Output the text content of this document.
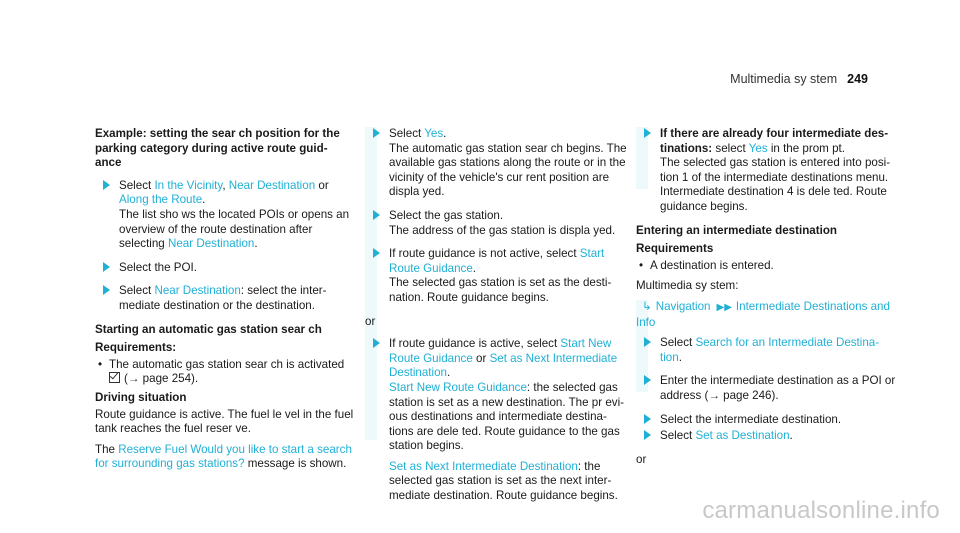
Multimedia sy stem 249
Example: setting the sear ch position for the parking category during active route guid‐ ance
Select In the Vicinity, Near Destination or Along the Route.
The list sho ws the located POIs or opens an overview of the route destination after selecting Near Destination.
Select the POI.
Select Near Destination: select the inter‐ mediate destination or the destination.
Starting an automatic gas station sear ch
Requirements:
• The automatic gas station sear ch is activated
(→ page 254).
Driving situation
Route guidance is active. The fuel le vel in the fuel tank reaches the fuel reser ve.
The Reserve Fuel Would you like to start a search for surrounding gas stations? message is shown.
Select Yes.
The automatic gas station sear ch begins. The available gas stations along the route or in the vicinity of the vehicle's cur rent position are displa yed.
Select the gas station.
The address of the gas station is displa yed.
If route guidance is not active, select Start Route Guidance.
The selected gas station is set as the desti‐ nation. Route guidance begins.
or
If route guidance is active, select Start New Route Guidance or Set as Next Intermediate Destination.
Start New Route Guidance: the selected gas station is set as a new destination. The pr evi‐ ous destinations and intermediate destina‐ tions are dele ted. Route guidance to the gas station begins.
Set as Next Intermediate Destination: the selected gas station is set as the next inter‐ mediate destination. Route guidance begins.
If there are already four intermediate des‐ tinations: select Yes in the prom pt.
The selected gas station is entered into posi‐ tion 1 of the intermediate destinations menu. Intermediate destination 4 is dele ted. Route guidance begins.
Entering an intermediate destination
Requirements
• A destination is entered.
Multimedia sy stem:
↳ Navigation ▶▶ Intermediate Destinations and Info
Select Search for an Intermediate Destina‐ tion.
Enter the intermediate destination as a POI or address (→ page 246).
Select the intermediate destination.
Select Set as Destination.
or
carmanualsonline.info
